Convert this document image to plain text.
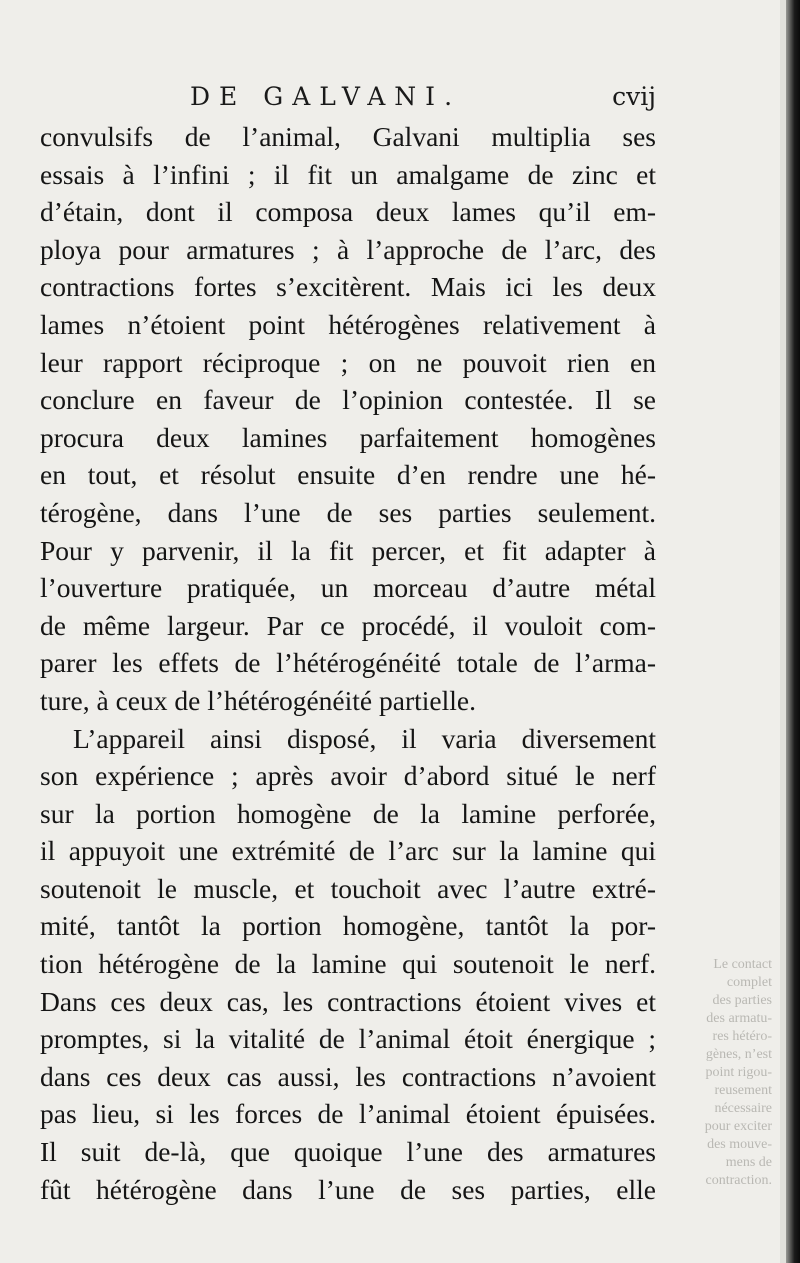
DE GALVANI.	cvij
convulsifs de l’animal, Galvani multiplia ses
essais à l’infini ; il fit un amalgame de zinc et
d’étain, dont il composa deux lames qu’il em-
ploya pour armatures ; à l’approche de l’arc, des
contractions fortes s’excitèrent. Mais ici les deux
lames n’étoient point hétérogènes relativement à
leur rapport réciproque ; on ne pouvoit rien en
conclure en faveur de l’opinion contestée. Il se
procura deux lamines parfaitement homogènes
en tout, et résolut ensuite d’en rendre une hé-
térogène, dans l’une de ses parties seulement.
Pour y parvenir, il la fit percer, et fit adapter à
l’ouverture pratiquée, un morceau d’autre métal
de même largeur. Par ce procédé, il vouloit com-
parer les effets de l’hétérogénéité totale de l’arma-
ture, à ceux de l’hétérogénéité partielle.
L’appareil ainsi disposé, il varia diversement
son expérience ; après avoir d’abord situé le nerf
sur la portion homogène de la lamine perforée,
il appuyoit une extrémité de l’arc sur la lamine qui
soutenoit le muscle, et touchoit avec l’autre extré-
mité, tantôt la portion homogène, tantôt la por-
tion hétérogène de la lamine qui soutenoit le nerf.
Dans ces deux cas, les contractions étoient vives et
promptes, si la vitalité de l’animal étoit énergique ;
dans ces deux cas aussi, les contractions n’avoient
pas lieu, si les forces de l’animal étoient épuisées.
Il suit de-là, que quoique l’une des armatures
fût hétérogène dans l’une de ses parties, elle
Le contact
complet
des parties
des armatu-
res hétéro-
gènes, n’est
point rigou-
reusement
nécessaire
pour exciter
des mouve-
mens de
contraction.
